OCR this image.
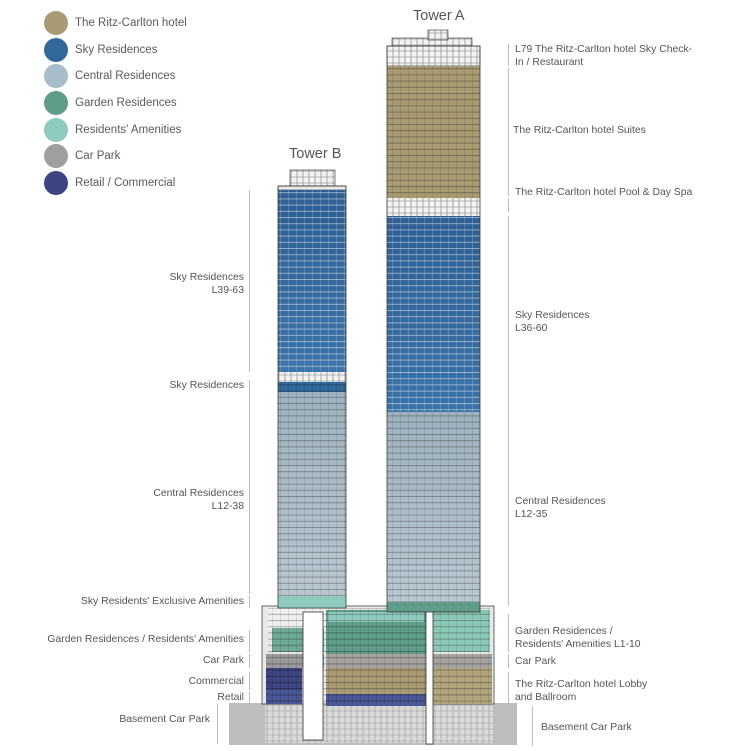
The Ritz-Carlton hotel
Sky Residences
Central Residences
Garden Residences
Residents' Amenities
Car Park
Retail / Commercial
Tower A
Tower B
Sky Residences
L39-63
Sky Residences
Central Residences
L12-38
Sky Residents' Exclusive Amenities
Garden Residences / Residents' Amenities
Car Park
Commercial
Retail
Basement Car Park
L79 The Ritz-Carlton hotel Sky Check-In / Restaurant
The Ritz-Carlton hotel Suites
The Ritz-Carlton hotel Pool & Day Spa
Sky Residences
L36-60
Central Residences
L12-35
Garden Residences /
Residents' Amenities L1-10
Car Park
The Ritz-Carlton hotel Lobby
and Ballroom
Basement Car Park
